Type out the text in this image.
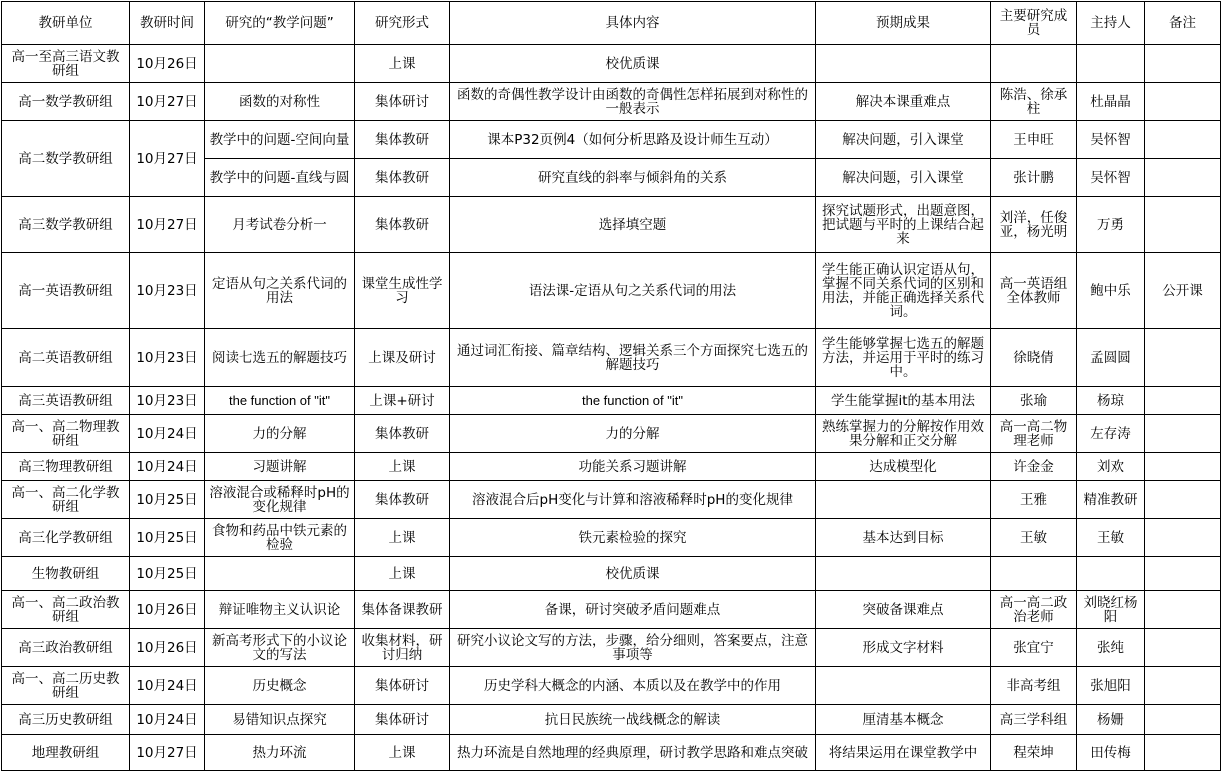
教研单位	教研时间	研究的“教学问题”	研究形式	具体内容	预期成果	主要研究成员	主持人	备注
高一至高三语文教研组	10月26日		上课	校优质课				
高一数学教研组	10月27日	函数的对称性	集体研讨	函数的奇偶性教学设计由函数的奇偶性怎样拓展到对称性的一般表示	解决本课重难点	陈浩、徐承柱	杜晶晶	
高二数学教研组	10月27日	教学中的问题-空间向量	集体教研	课本P32页例4（如何分析思路及设计师生互动）	解决问题，引入课堂	王申旺	吴怀智	
		教学中的问题-直线与圆	集体教研	研究直线的斜率与倾斜角的关系	解决问题，引入课堂	张计鹏	吴怀智	
高三数学教研组	10月27日	月考试卷分析一	集体教研	选择填空题	探究试题形式，出题意图，把试题与平时的上课结合起来	刘洋，任俊亚，杨光明	万勇	
高一英语教研组	10月23日	定语从句之关系代词的用法	课堂生成性学习	语法课-定语从句之关系代词的用法	学生能正确认识定语从句，掌握不同关系代词的区别和用法，并能正确选择关系代词。	高一英语组全体教师	鲍中乐	公开课
高二英语教研组	10月23日	阅读七选五的解题技巧	上课及研讨	通过词汇衔接、篇章结构、逻辑关系三个方面探究七选五的解题技巧	学生能够掌握七选五的解题方法，并运用于平时的练习中。	徐晓倩	孟圆圆	
高三英语教研组	10月23日	the function of "it"	上课+研讨	the function of "it"	学生能掌握it的基本用法	张瑜	杨琼	
高一、高二物理教研组	10月24日	力的分解	集体教研	力的分解	熟练掌握力的分解按作用效果分解和正交分解	高一高二物理老师	左存涛	
高三物理教研组	10月24日	习题讲解	上课	功能关系习题讲解	达成模型化	许金金	刘欢	
高一、高二化学教研组	10月25日	溶液混合或稀释时pH的变化规律	集体教研	溶液混合后pH变化与计算和溶液稀释时pH的变化规律		王雅	精准教研	
高三化学教研组	10月25日	食物和药品中铁元素的检验	上课	铁元素检验的探究	基本达到目标	王敏	王敏	
生物教研组	10月25日		上课	校优质课				
高一、高二政治教研组	10月26日	辩证唯物主义认识论	集体备课教研	备课，研讨突破矛盾问题难点	突破备课难点	高一高二政治老师	刘晓红杨阳	
高三政治教研组	10月26日	新高考形式下的小议论文的写法	收集材料，研讨归纳	研究小议论文写的方法，步骤，给分细则，答案要点，注意事项等	形成文字材料	张宜宁	张纯	
高一、高二历史教研组	10月24日	历史概念	集体研讨	历史学科大概念的内涵、本质以及在教学中的作用		非高考组	张旭阳	
高三历史教研组	10月24日	易错知识点探究	集体研讨	抗日民族统一战线概念的解读	厘清基本概念	高三学科组	杨姗	
地理教研组	10月27日	热力环流	上课	热力环流是自然地理的经典原理，研讨教学思路和难点突破	将结果运用在课堂教学中	程荣坤	田传梅	
